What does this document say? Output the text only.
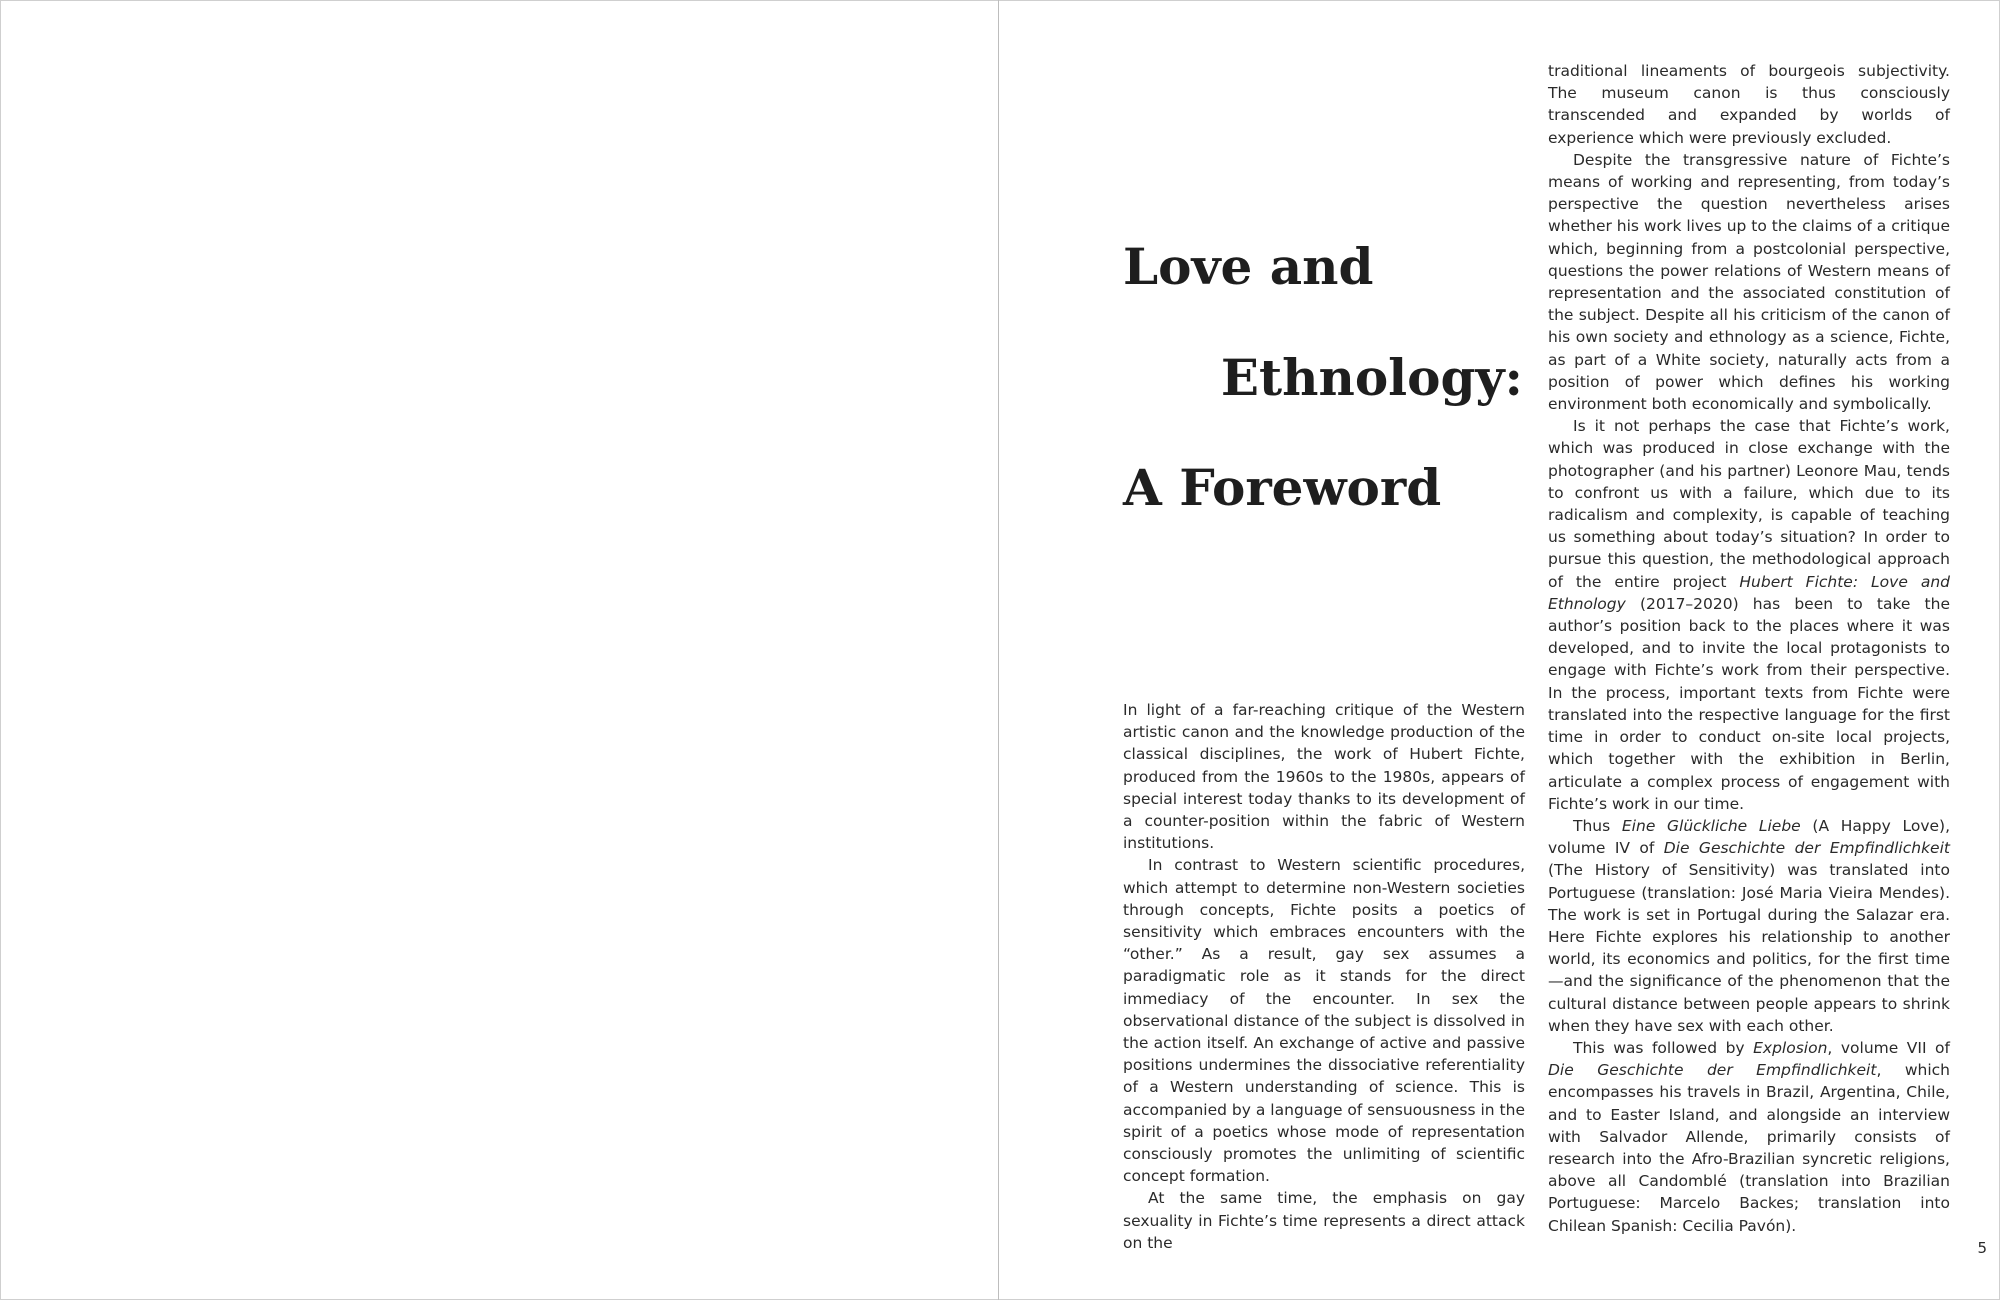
Love and
Ethnology:
A Foreword

In light of a far-reaching critique of the Western artistic canon and the knowledge production of the classical disciplines, the work of Hubert Fichte, produced from the 1960s to the 1980s, appears of special interest today thanks to its development of a counter-position within the fabric of Western institutions.

In contrast to Western scientific procedures, which attempt to determine non-Western societies through concepts, Fichte posits a poetics of sensitivity which embraces encounters with the “other.” As a result, gay sex assumes a paradigmatic role as it stands for the direct immediacy of the encounter. In sex the observational distance of the subject is dissolved in the action itself. An exchange of active and passive positions undermines the dissociative referentiality of a Western understanding of science. This is accompanied by a language of sensuousness in the spirit of a poetics whose mode of representation consciously promotes the unlimiting of scientific concept formation.

At the same time, the emphasis on gay sexuality in Fichte’s time represents a direct attack on the

traditional lineaments of bourgeois subjectivity. The museum canon is thus consciously transcended and expanded by worlds of experience which were previously excluded.

Despite the transgressive nature of Fichte’s means of working and representing, from today’s perspective the question nevertheless arises whether his work lives up to the claims of a critique which, beginning from a postcolonial perspective, questions the power relations of Western means of representation and the associated constitution of the subject. Despite all his criticism of the canon of his own society and ethnology as a science, Fichte, as part of a White society, naturally acts from a position of power which defines his working environment both economically and symbolically.

Is it not perhaps the case that Fichte’s work, which was produced in close exchange with the photographer (and his partner) Leonore Mau, tends to confront us with a failure, which due to its radicalism and complexity, is capable of teaching us something about today’s situation? In order to pursue this question, the methodological approach of the entire project Hubert Fichte: Love and Ethnology (2017–2020) has been to take the author’s position back to the places where it was developed, and to invite the local protagonists to engage with Fichte’s work from their perspective. In the process, important texts from Fichte were translated into the respective language for the first time in order to conduct on-site local projects, which together with the exhibition in Berlin, articulate a complex process of engagement with Fichte’s work in our time.

Thus Eine Glückliche Liebe (A Happy Love), volume IV of Die Geschichte der Empfindlichkeit (The History of Sensitivity) was translated into Portuguese (translation: José Maria Vieira Mendes). The work is set in Portugal during the Salazar era. Here Fichte explores his relationship to another world, its economics and politics, for the first time—and the significance of the phenomenon that the cultural distance between people appears to shrink when they have sex with each other.

This was followed by Explosion, volume VII of Die Geschichte der Empfindlichkeit, which encompasses his travels in Brazil, Argentina, Chile, and to Easter Island, and alongside an interview with Salvador Allende, primarily consists of research into the Afro-Brazilian syncretic religions, above all Candomblé (translation into Brazilian Portuguese: Marcelo Backes; translation into Chilean Spanish: Cecilia Pavón).

5
